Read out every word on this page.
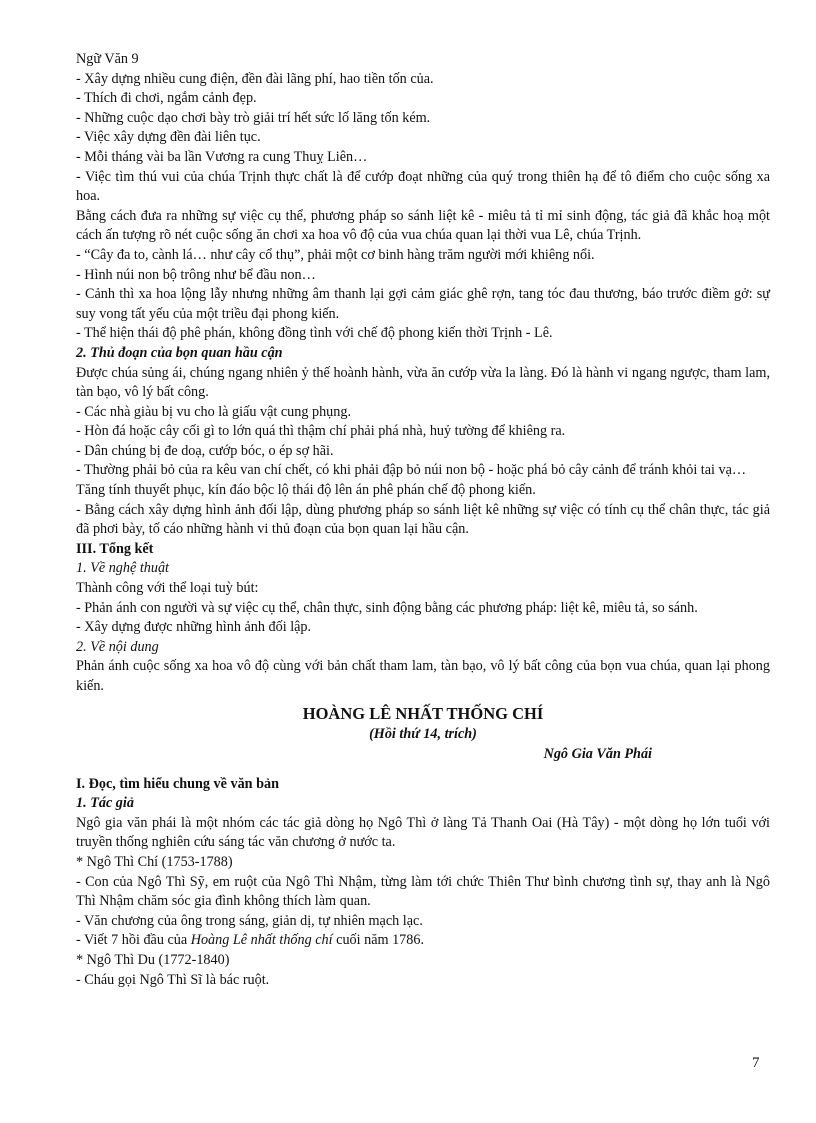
Ngữ Văn 9

- Xây dựng nhiều cung điện, đền đài lãng phí, hao tiền tốn của.

- Thích đi chơi, ngắm cảnh đẹp.

- Những cuộc dạo chơi bày trò giải trí hết sức lố lăng tốn kém.

- Việc xây dựng đền đài liên tục.

- Mỗi tháng vài ba lần Vương ra cung Thuỵ Liên…

- Việc tìm thú vui của chúa Trịnh thực chất là để cướp đoạt những của quý trong thiên hạ để tô điểm cho cuộc sống xa hoa.

Bằng cách đưa ra những sự việc cụ thể, phương pháp so sánh liệt kê - miêu tả tỉ mỉ sinh động, tác giả đã khắc hoạ một cách ấn tượng rõ nét cuộc sống ăn chơi xa hoa vô độ của vua chúa quan lại thời vua Lê, chúa Trịnh.

- “Cây đa to, cành lá… như cây cổ thụ”, phải một cơ binh hàng trăm người mới khiêng nổi.

- Hình núi non bộ trông như bể đầu non…

- Cảnh thì xa hoa lộng lẫy nhưng những âm thanh lại gợi cảm giác ghê rợn, tang tóc đau thương, báo trước điềm gở: sự suy vong tất yếu của một triều đại phong kiến.

- Thể hiện thái độ phê phán, không đồng tình với chế độ phong kiến thời Trịnh - Lê.

2. Thủ đoạn của bọn quan hầu cận

Được chúa sủng ái, chúng ngang nhiên ỷ thế hoành hành, vừa ăn cướp vừa la làng. Đó là hành vi ngang ngược, tham lam, tàn bạo, vô lý bất công.

- Các nhà giàu bị vu cho là giấu vật cung phụng.

- Hòn đá hoặc cây cối gì to lớn quá thì thậm chí phải phá nhà, huỷ tường để khiêng ra.

- Dân chúng bị đe doạ, cướp bóc, o ép sợ hãi.

- Thường phải bỏ của ra kêu van chí chết, có khi phải đập bỏ núi non bộ - hoặc phá bỏ cây cảnh để tránh khỏi tai vạ…

Tăng tính thuyết phục, kín đáo bộc lộ thái độ lên án phê phán chế độ phong kiến.

- Bằng cách xây dựng hình ảnh đối lập, dùng phương pháp so sánh liệt kê những sự việc có tính cụ thể chân thực, tác giả đã phơi bày, tố cáo những hành vi thủ đoạn của bọn quan lại hầu cận.

III. Tổng kết

1. Về nghệ thuật

Thành công với thể loại tuỳ bút:

- Phản ánh con người và sự việc cụ thể, chân thực, sinh động bằng các phương pháp: liệt kê, miêu tả, so sánh.

- Xây dựng được những hình ảnh đối lập.

2. Về nội dung

Phản ánh cuộc sống xa hoa vô độ cùng với bản chất tham lam, tàn bạo, vô lý bất công của bọn vua chúa, quan lại phong kiến.

HOÀNG LÊ NHẤT THỐNG CHÍ
(Hồi thứ 14, trích)
Ngô Gia Văn Phái

I. Đọc, tìm hiểu chung về văn bản

1. Tác giả

Ngô gia văn phái là một nhóm các tác giả dòng họ Ngô Thì ở làng Tả Thanh Oai (Hà Tây) - một dòng họ lớn tuổi với truyền thống nghiên cứu sáng tác văn chương ở nước ta.

* Ngô Thì Chí (1753-1788)

- Con của Ngô Thì Sỹ, em ruột của Ngô Thì Nhậm, từng làm tới chức Thiên Thư bình chương tình sự, thay anh là Ngô Thì Nhậm chăm sóc gia đình không thích làm quan.

- Văn chương của ông trong sáng, giản dị, tự nhiên mạch lạc.

- Viết 7 hồi đầu của Hoàng Lê nhất thống chí cuối năm 1786.

* Ngô Thì Du (1772-1840)

- Cháu gọi Ngô Thì Sĩ là bác ruột.

7
